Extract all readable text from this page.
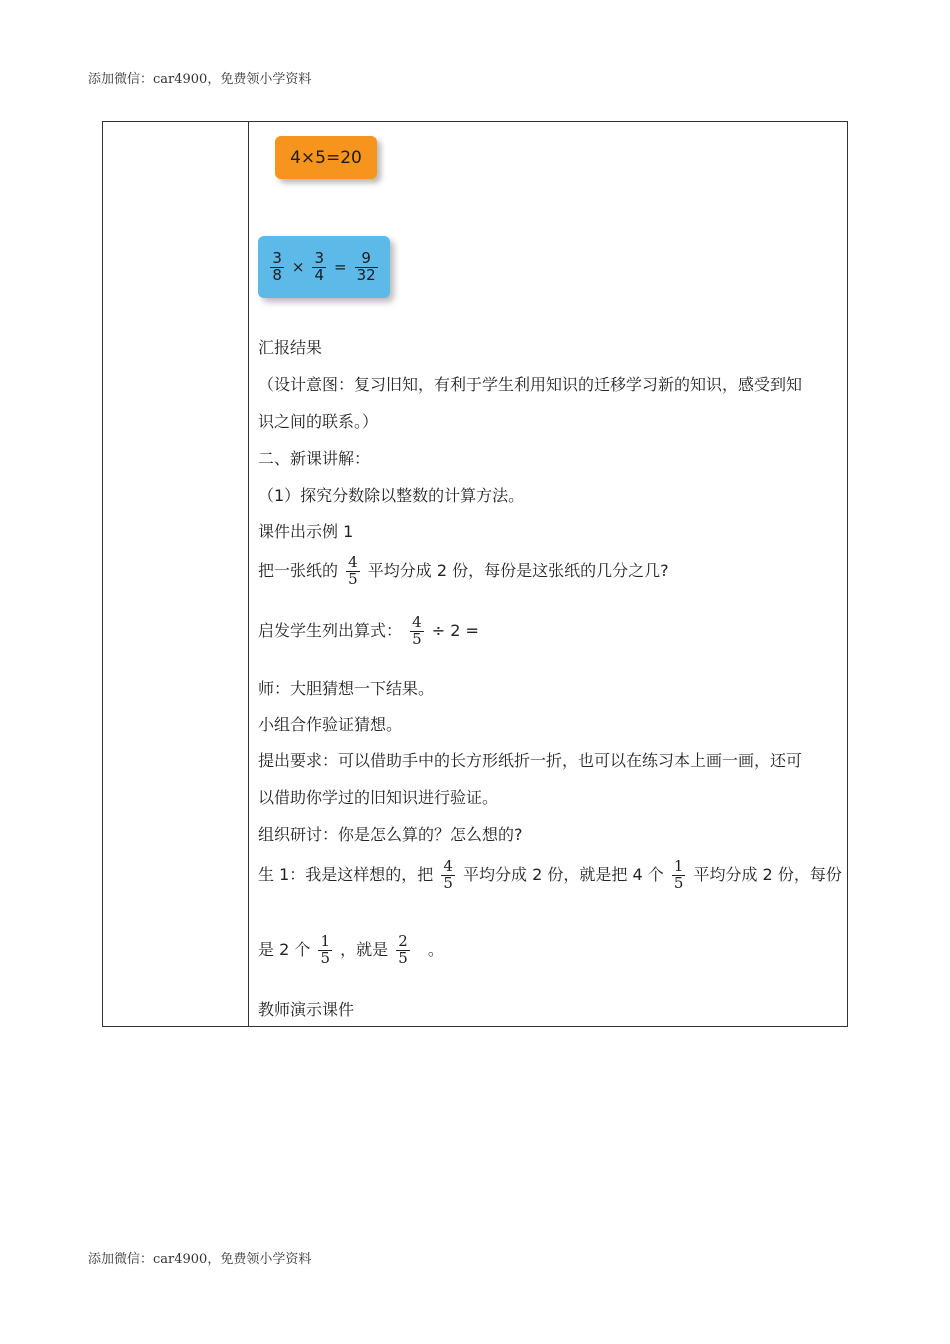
添加微信：car4900，免费领小学资料
4×5=20
$\frac{3}{8} \times \frac{3}{4} = \frac{9}{32}$
汇报结果
（设计意图：复习旧知，有利于学生利用知识的迁移学习新的知识，感受到知
识之间的联系。）
二、新课讲解：
（1）探究分数除以整数的计算方法。
课件出示例 1
把一张纸的 $\frac{4}{5}$ 平均分成 2 份，每份是这张纸的几分之几?
启发学生列出算式： $\frac{4}{5} \div 2$ =
师：大胆猜想一下结果。
小组合作验证猜想。
提出要求：可以借助手中的长方形纸折一折，也可以在练习本上画一画，还可
以借助你学过的旧知识进行验证。
组织研讨：你是怎么算的？怎么想的?
生 1：我是这样想的，把 $\frac{4}{5}$ 平均分成 2 份，就是把 4 个 $\frac{1}{5}$ 平均分成 2 份，每份
是 2 个 $\frac{1}{5}$ ，就是 $\frac{2}{5}$ 。
教师演示课件
添加微信：car4900，免费领小学资料
